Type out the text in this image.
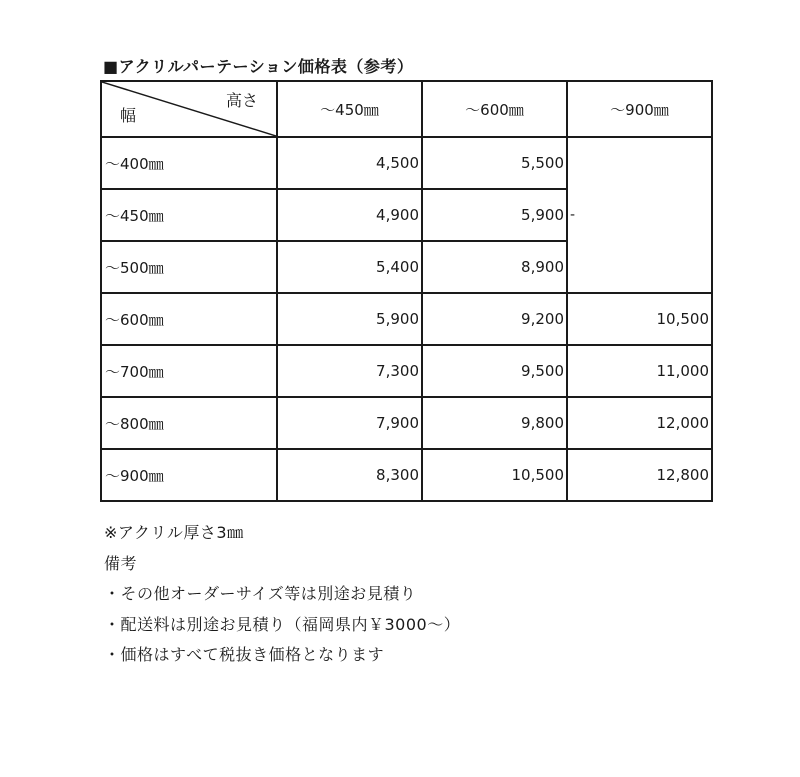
■アクリルパーテーション価格表（参考）
高さ
幅	～450㎜	～600㎜	～900㎜
～400㎜	4,500	5,500	-

～450㎜	4,900	5,900	
～500㎜	5,400	8,900	
～600㎜	5,900	9,200	10,500
～700㎜	7,300	9,500	11,000
～800㎜	7,900	9,800	12,000
～900㎜	8,300	10,500	12,800
※アクリル厚さ3㎜
備考
・その他オーダーサイズ等は別途お見積り
・配送料は別途お見積り（福岡県内￥3000～）
・価格はすべて税抜き価格となります
